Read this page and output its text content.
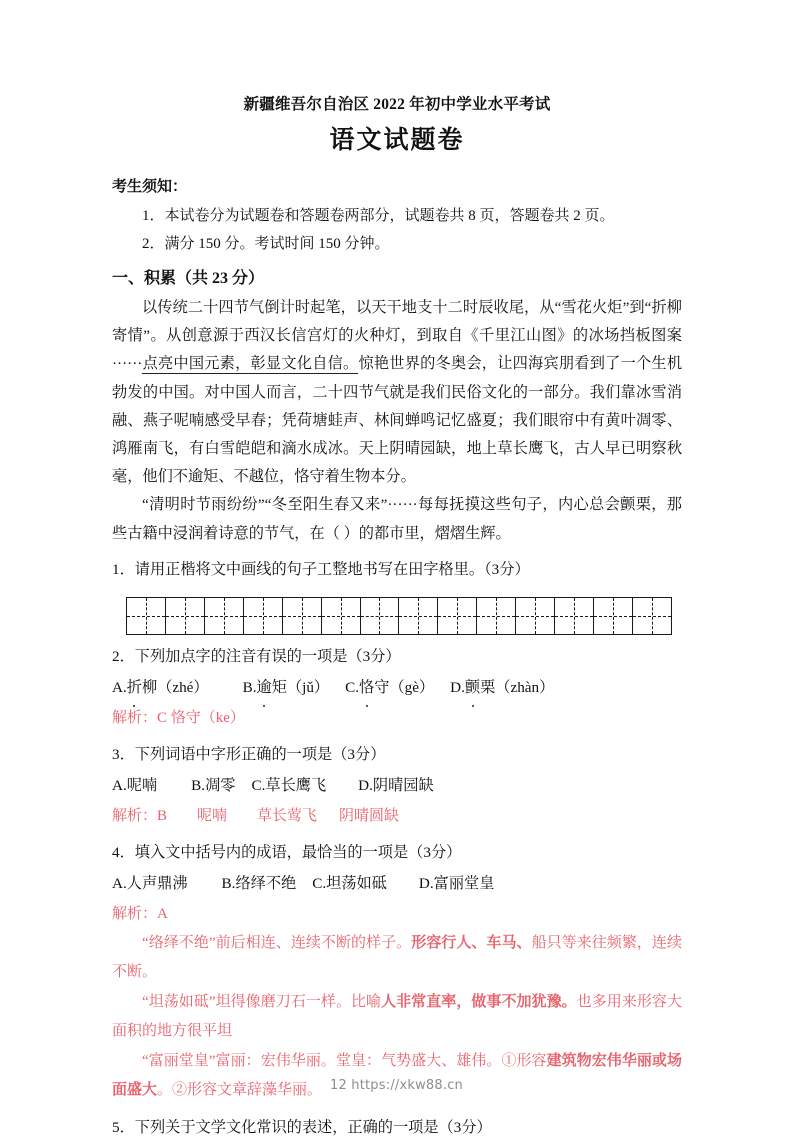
新疆维吾尔自治区 2022 年初中学业水平考试
语文试题卷
考生须知：
1．本试卷分为试题卷和答题卷两部分，试题卷共 8 页，答题卷共 2 页。
2．满分 150 分。考试时间 150 分钟。
一、积累（共 23 分）

以传统二十四节气倒计时起笔，以天干地支十二时辰收尾，从“雪花火炬”到“折柳寄情”。从创意源于西汉长信宫灯的火种灯，到取自《千里江山图》的冰场挡板图案······点亮中国元素，彰显文化自信。惊艳世界的冬奥会，让四海宾朋看到了一个生机勃发的中国。对中国人而言，二十四节气就是我们民俗文化的一部分。我们靠冰雪消融、燕子呢喃感受早春；凭荷塘蛙声、林间蝉鸣记忆盛夏；我们眼帘中有黄叶凋零、鸿雁南飞，有白雪皑皑和滴水成冰。天上阴晴园缺，地上草长鹰飞，古人早已明察秋毫，他们不逾矩、不越位，恪守着生物本分。

“清明时节雨纷纷”“冬至阳生春又来”······每每抚摸这些句子，内心总会颤栗，那些古籍中浸润着诗意的节气，在（ ）的都市里，熠熠生辉。

1．请用正楷将文中画线的句子工整地书写在田字格里。（3分）

2．下列加点字的注音有误的一项是（3分）

A.折柳（zhé） B.逾矩（jǔ） C.恪守（gè） D.颤栗（zhàn）

解析：C 恪守（ke）

3．下列词语中字形正确的一项是（3分）

A.呢喃 B.凋零 C.草长鹰飞 D.阴晴园缺

解析：B 呢喃 草长莺飞 阴晴圆缺

4．填入文中括号内的成语，最恰当的一项是（3分）

A.人声鼎沸 B.络绎不绝 C.坦荡如砥 D.富丽堂皇

解析：A

“络绎不绝”前后相连、连续不断的样子。形容行人、车马、船只等来往频繁，连续不断。

“坦荡如砥”坦得像磨刀石一样。比喻人非常直率，做事不加犹豫。也多用来形容大面积的地方很平坦

“富丽堂皇”富丽：宏伟华丽。堂皇：气势盛大、雄伟。①形容建筑物宏伟华丽或场面盛大。②形容文章辞藻华丽。

5．下列关于文学文化常识的表述，正确的一项是（3分）

12 https://xkw88.cn
